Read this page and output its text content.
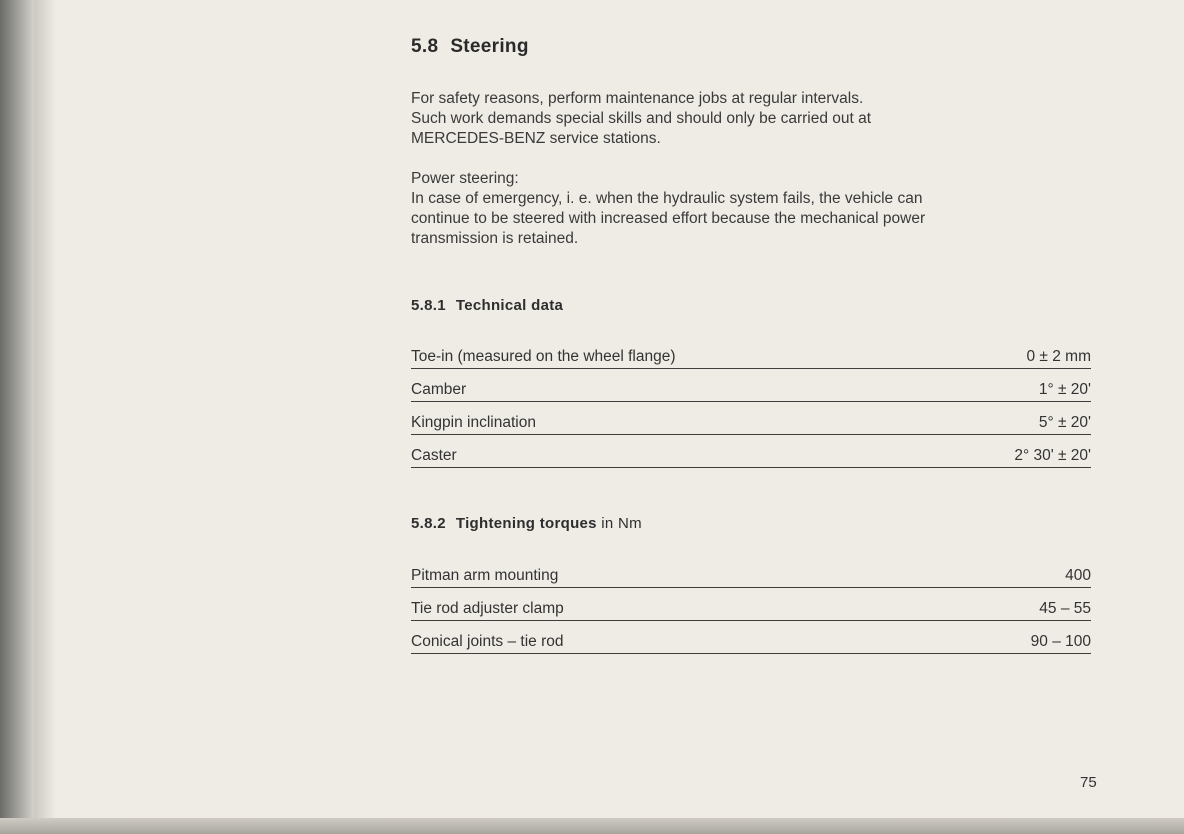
5.8 Steering

For safety reasons, perform maintenance jobs at regular intervals.
Such work demands special skills and should only be carried out at
MERCEDES-BENZ service stations.

Power steering:
In case of emergency, i. e. when the hydraulic system fails, the vehicle can
continue to be steered with increased effort because the mechanical power
transmission is retained.

5.8.1 Technical data
Toe-in (measured on the wheel flange)	0 ± 2 mm
Camber	1° ± 20'
Kingpin inclination	5° ± 20'
Caster	2° 30' ± 20'
5.8.2 Tightening torques in Nm
Pitman arm mounting	400
Tie rod adjuster clamp	45 – 55
Conical joints – tie rod	90 – 100
75
